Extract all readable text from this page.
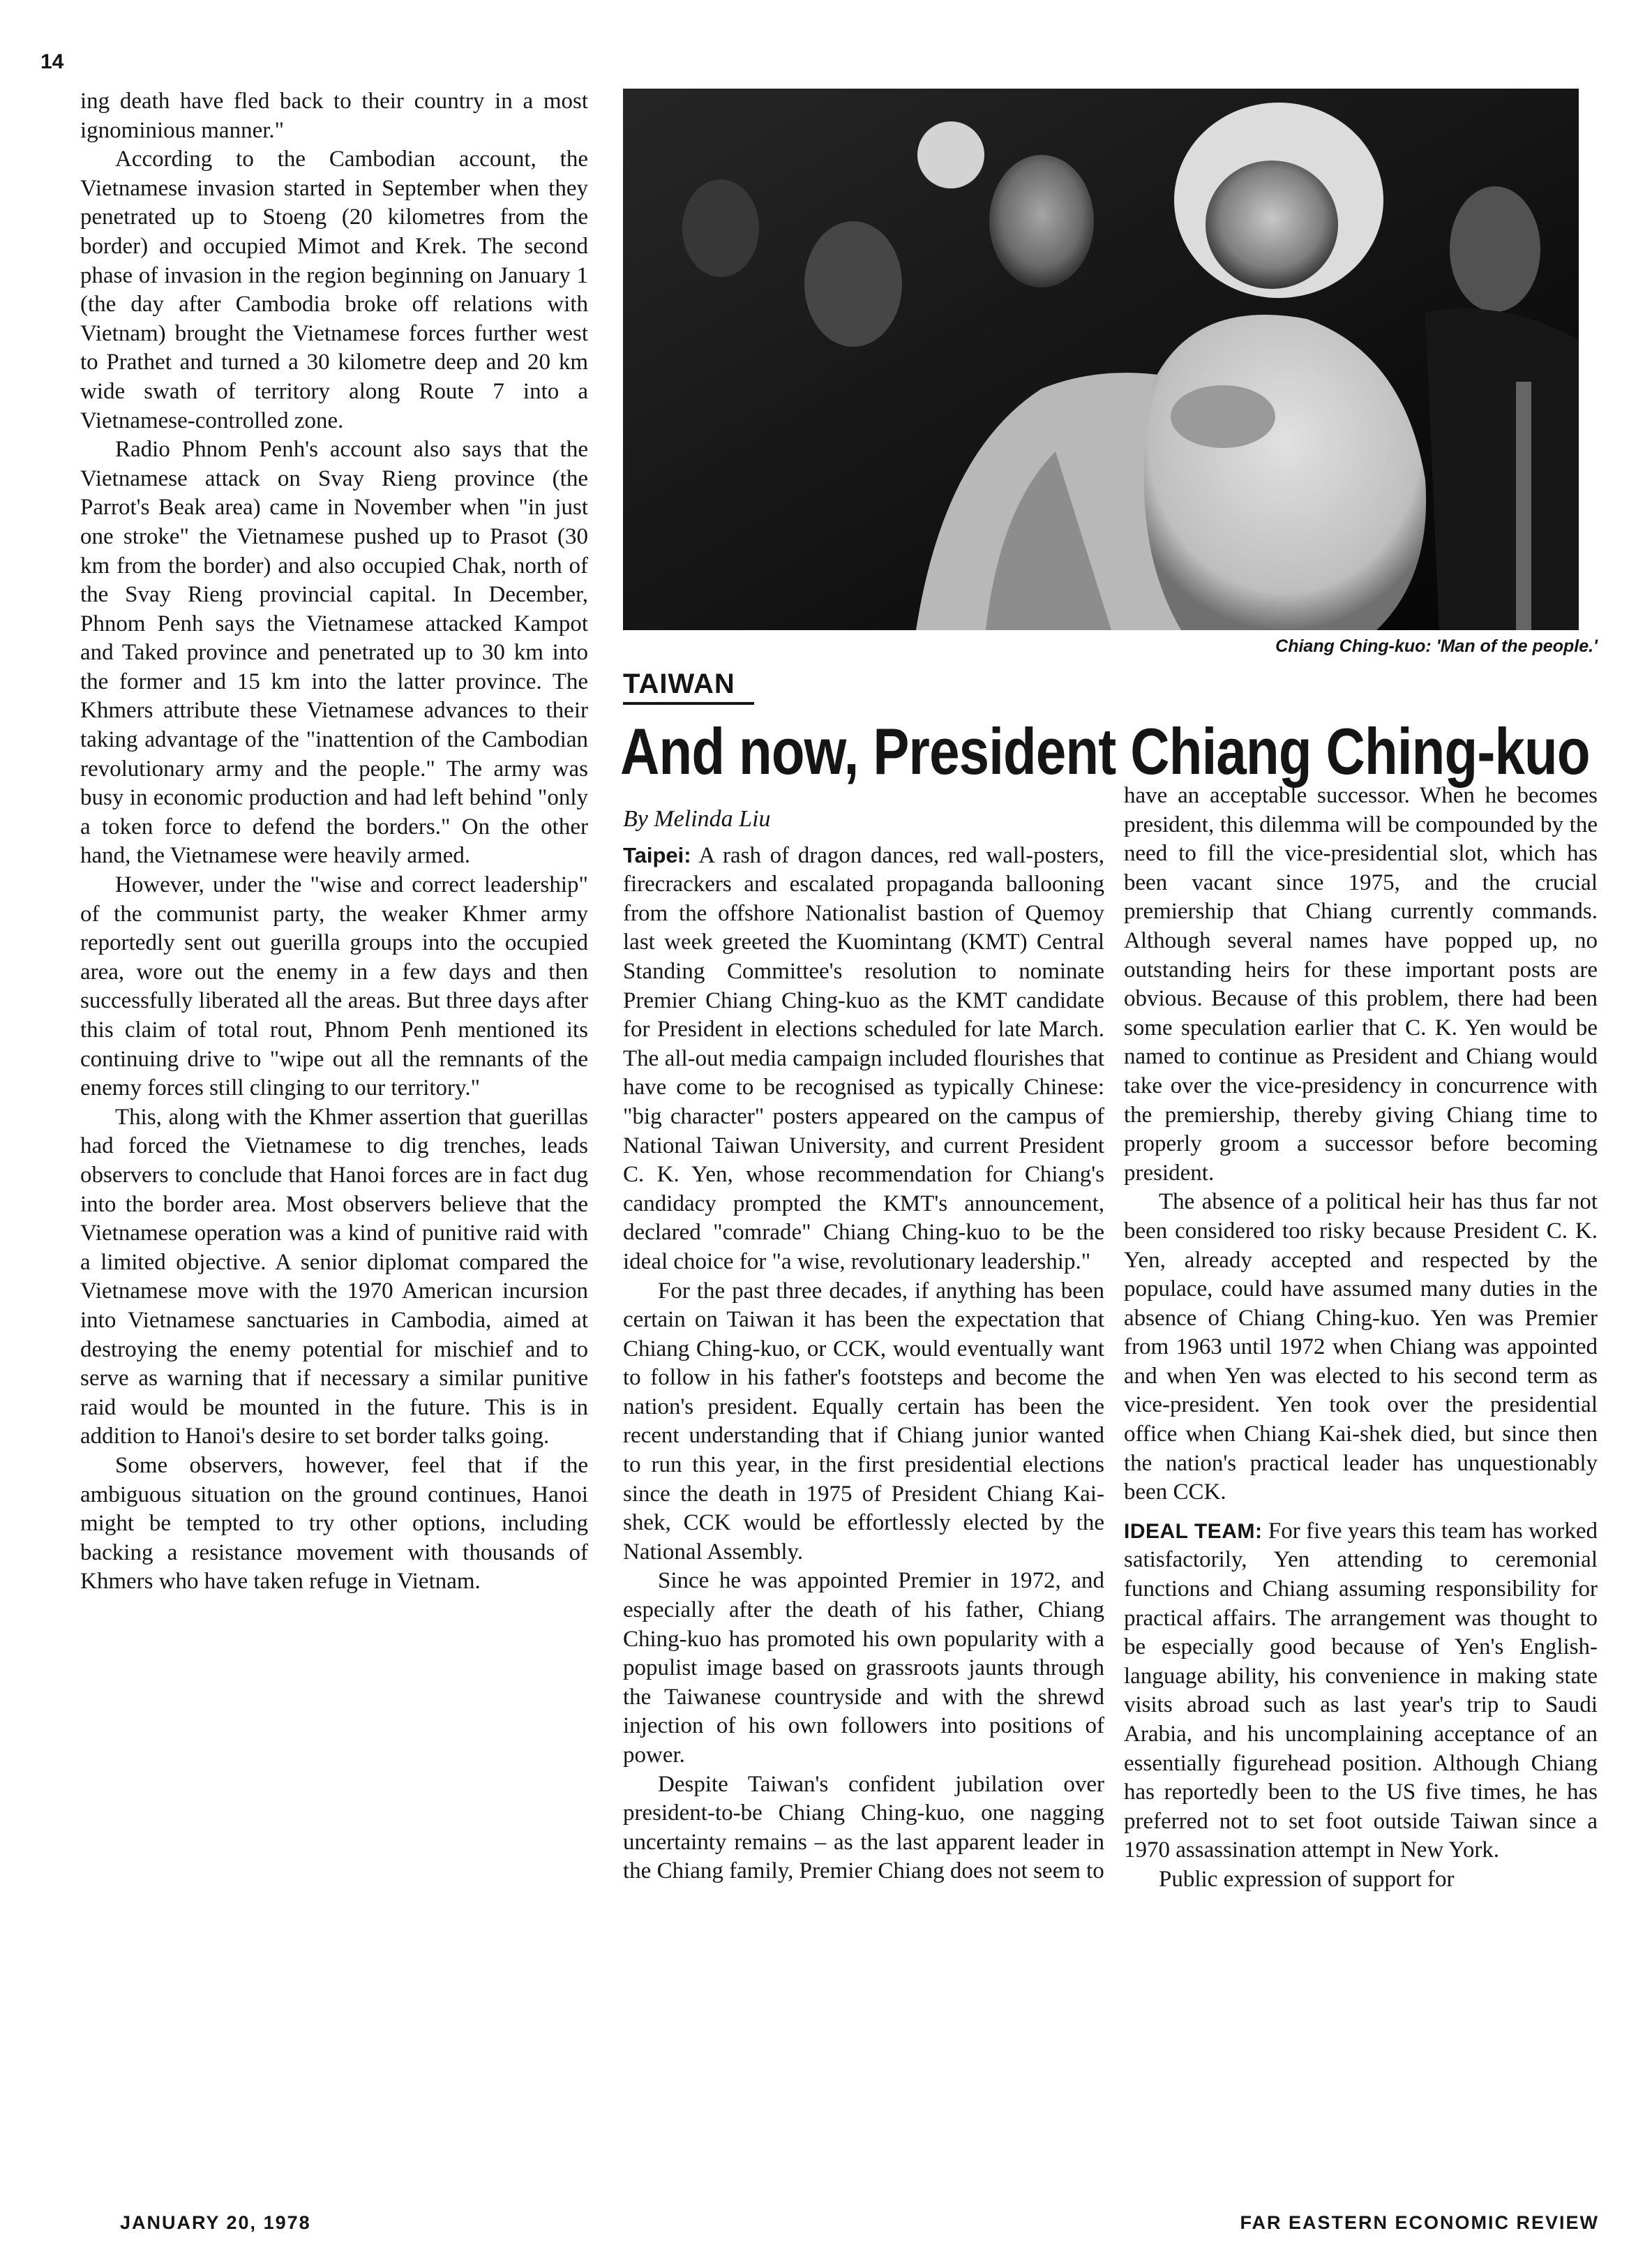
14

ing death have fled back to their country in a most ignominious manner."

According to the Cambodian account, the Vietnamese invasion started in September when they penetrated up to Stoeng (20 kilometres from the border) and occupied Mimot and Krek. The second phase of invasion in the region beginning on January 1 (the day after Cambodia broke off relations with Vietnam) brought the Vietnamese forces further west to Prathet and turned a 30 kilometre deep and 20 km wide swath of territory along Route 7 into a Vietnamese-controlled zone.

Radio Phnom Penh's account also says that the Vietnamese attack on Svay Rieng province (the Parrot's Beak area) came in November when "in just one stroke" the Vietnamese pushed up to Prasot (30 km from the border) and also occupied Chak, north of the Svay Rieng provincial capital. In December, Phnom Penh says the Vietnamese attacked Kampot and Taked province and penetrated up to 30 km into the former and 15 km into the latter province. The Khmers attribute these Vietnamese advances to their taking advantage of the "inattention of the Cambodian revolutionary army and the people." The army was busy in economic production and had left behind "only a token force to defend the borders." On the other hand, the Vietnamese were heavily armed.

However, under the "wise and correct leadership" of the communist party, the weaker Khmer army reportedly sent out guerilla groups into the occupied area, wore out the enemy in a few days and then successfully liberated all the areas. But three days after this claim of total rout, Phnom Penh mentioned its continuing drive to "wipe out all the remnants of the enemy forces still clinging to our territory."

This, along with the Khmer assertion that guerillas had forced the Vietnamese to dig trenches, leads observers to conclude that Hanoi forces are in fact dug into the border area. Most observers believe that the Vietnamese operation was a kind of punitive raid with a limited objective. A senior diplomat compared the Vietnamese move with the 1970 American incursion into Vietnamese sanctuaries in Cambodia, aimed at destroying the enemy potential for mischief and to serve as warning that if necessary a similar punitive raid would be mounted in the future. This is in addition to Hanoi's desire to set border talks going.

Some observers, however, feel that if the ambiguous situation on the ground continues, Hanoi might be tempted to try other options, including backing a resistance movement with thousands of Khmers who have taken refuge in Vietnam.

Chiang Ching-kuo: 'Man of the people.'
TAIWAN
And now, President Chiang Ching-kuo
By Melinda Liu

Taipei: A rash of dragon dances, red wall-posters, firecrackers and escalated propaganda ballooning from the offshore Nationalist bastion of Quemoy last week greeted the Kuomintang (KMT) Central Standing Committee's resolution to nominate Premier Chiang Ching-kuo as the KMT candidate for President in elections scheduled for late March. The all-out media campaign included flourishes that have come to be recognised as typically Chinese: "big character" posters appeared on the campus of National Taiwan University, and current President C. K. Yen, whose recommendation for Chiang's candidacy prompted the KMT's announcement, declared "comrade" Chiang Ching-kuo to be the ideal choice for "a wise, revolutionary leadership."

For the past three decades, if anything has been certain on Taiwan it has been the expectation that Chiang Ching-kuo, or CCK, would eventually want to follow in his father's footsteps and become the nation's president. Equally certain has been the recent understanding that if Chiang junior wanted to run this year, in the first presidential elections since the death in 1975 of President Chiang Kai-shek, CCK would be effortlessly elected by the National Assembly.

Since he was appointed Premier in 1972, and especially after the death of his father, Chiang Ching-kuo has promoted his own popularity with a populist image based on grassroots jaunts through the Taiwanese countryside and with the shrewd injection of his own followers into positions of power.

Despite Taiwan's confident jubilation over president-to-be Chiang Ching-kuo, one nagging uncertainty remains – as the last apparent leader in the Chiang family, Premier Chiang does not seem to

have an acceptable successor. When he becomes president, this dilemma will be compounded by the need to fill the vice-presidential slot, which has been vacant since 1975, and the crucial premiership that Chiang currently commands. Although several names have popped up, no outstanding heirs for these important posts are obvious. Because of this problem, there had been some speculation earlier that C. K. Yen would be named to continue as President and Chiang would take over the vice-presidency in concurrence with the premiership, thereby giving Chiang time to properly groom a successor before becoming president.

The absence of a political heir has thus far not been considered too risky because President C. K. Yen, already accepted and respected by the populace, could have assumed many duties in the absence of Chiang Ching-kuo. Yen was Premier from 1963 until 1972 when Chiang was appointed and when Yen was elected to his second term as vice-president. Yen took over the presidential office when Chiang Kai-shek died, but since then the nation's practical leader has unquestionably been CCK.

IDEAL TEAM: For five years this team has worked satisfactorily, Yen attending to ceremonial functions and Chiang assuming responsibility for practical affairs. The arrangement was thought to be especially good because of Yen's English-language ability, his convenience in making state visits abroad such as last year's trip to Saudi Arabia, and his uncomplaining acceptance of an essentially figurehead position. Although Chiang has reportedly been to the US five times, he has preferred not to set foot outside Taiwan since a 1970 assassination attempt in New York.

Public expression of support for

JANUARY 20, 1978	FAR EASTERN ECONOMIC REVIEW
